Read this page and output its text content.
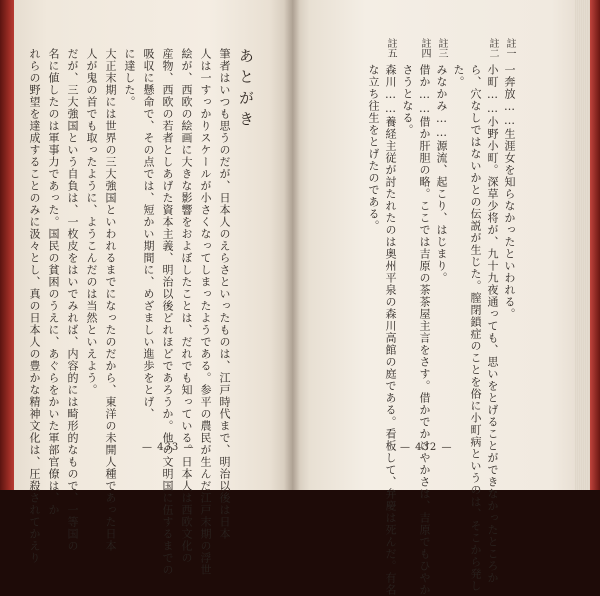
あとがき
筆者はいつも思うのだが、日本人のえらさといったものは、江戸時代まで、明治以後は日本
人は一すっかりスケールが小さくなってしまったようである。参平の農民が生んだ江戸末期の浮世
絵が、西欧の絵画に大きな影響をおよぼしたことは、だれでも知っている。日本人は西欧文化の
産物、西欧の若者としあげた資本主義、明治以後どれほどであろうか。他の文明国に伍するまでの
吸収に懸命で、その点では、短かい期間に、めざましい進歩をとげ、
に達した。
大正末期には世界の三大強国といわれるまでになったのだから、東洋の未開人種であった日本
人が鬼の首でも取ったように、ようこんだのは当然といえよう。
だが、三大強国という自負は、一枚皮をはいでみれば、内容的には畸形的なもので、一等国の
名に値したのは軍事力であった。国民の貧困のうえに、あぐらをかいた軍部官僚は、か
れらの野望を達成することのみに汲々とし、真の日本人の豊かな精神文化は、圧殺されてかえり	— 433 —
註一
一奔放……生涯女を知らなかったといわれる。
註二
小町……小野小町。深草少将が、九十九夜通っても、思いをとげることができなかったところか
ら、穴なしではないかとの伝説が生じた。膣閉鎖症のことを俗に小町病というのは、そこから発し
た。
註三
みなかみ……源流、起こり、はじまり。
註四
借か……借か肝胆の略。ここでは吉原の茶茶屋主言をさす。借かでかけやかさは、吉原でもひやか
さうとなる。
註五
森川……養経主従が討たれたのは奥州平泉の森川高館の庭である。看板して、弁慶は死んだ。有名
な立ち往生をとげたのである。
— 432 —
